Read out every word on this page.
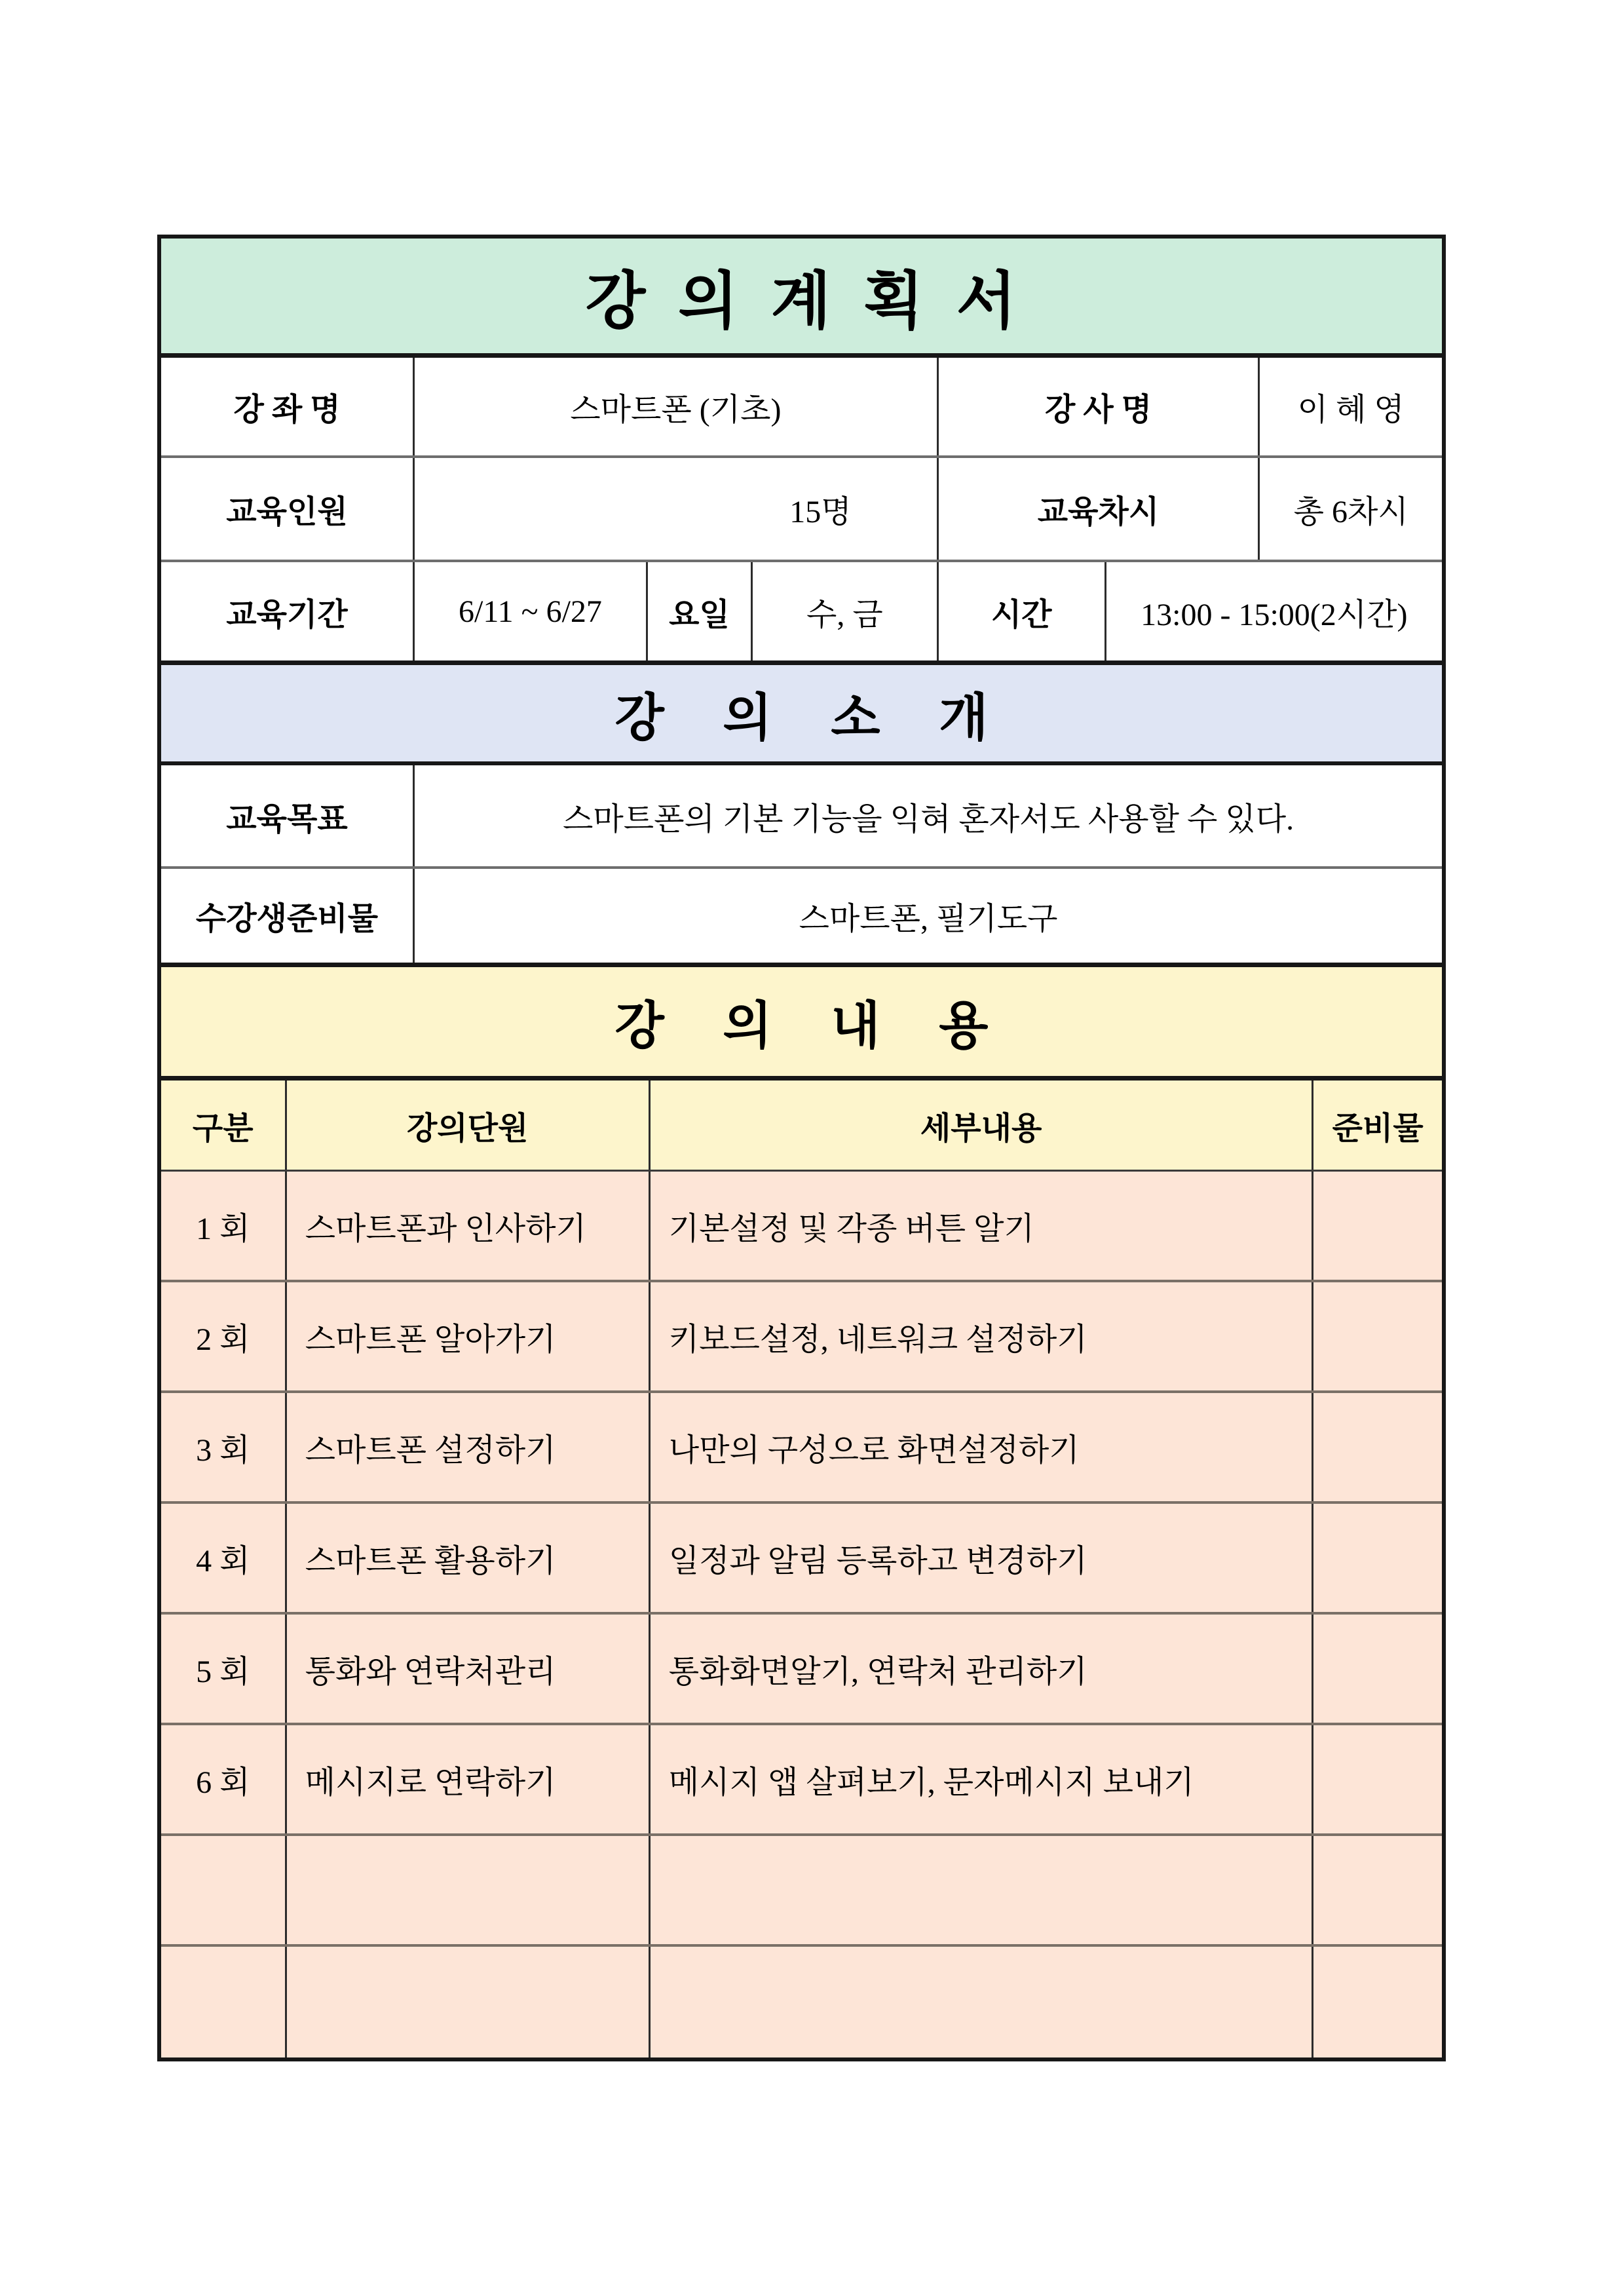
강 의 계 획 서
강 좌 명	스마트폰 (기초)	강 사 명	이 혜 영
교육인원	15명	교육차시	총 6차시
교육기간	6/11 ~ 6/27	요일	수, 금	시간	13:00 - 15:00(2시간)
강 의 소 개
교육목표	스마트폰의 기본 기능을 익혀 혼자서도 사용할 수 있다.
수강생준비물	스마트폰, 필기도구
강 의 내 용
구분	강의단원	세부내용	준비물
1 회	스마트폰과 인사하기	기본설정 및 각종 버튼 알기
2 회	스마트폰 알아가기	키보드설정, 네트워크 설정하기
3 회	스마트폰 설정하기	나만의 구성으로 화면설정하기
4 회	스마트폰 활용하기	일정과 알림 등록하고 변경하기
5 회	통화와 연락처관리	통화화면알기, 연락처 관리하기
6 회	메시지로 연락하기	메시지 앱 살펴보기, 문자메시지 보내기
